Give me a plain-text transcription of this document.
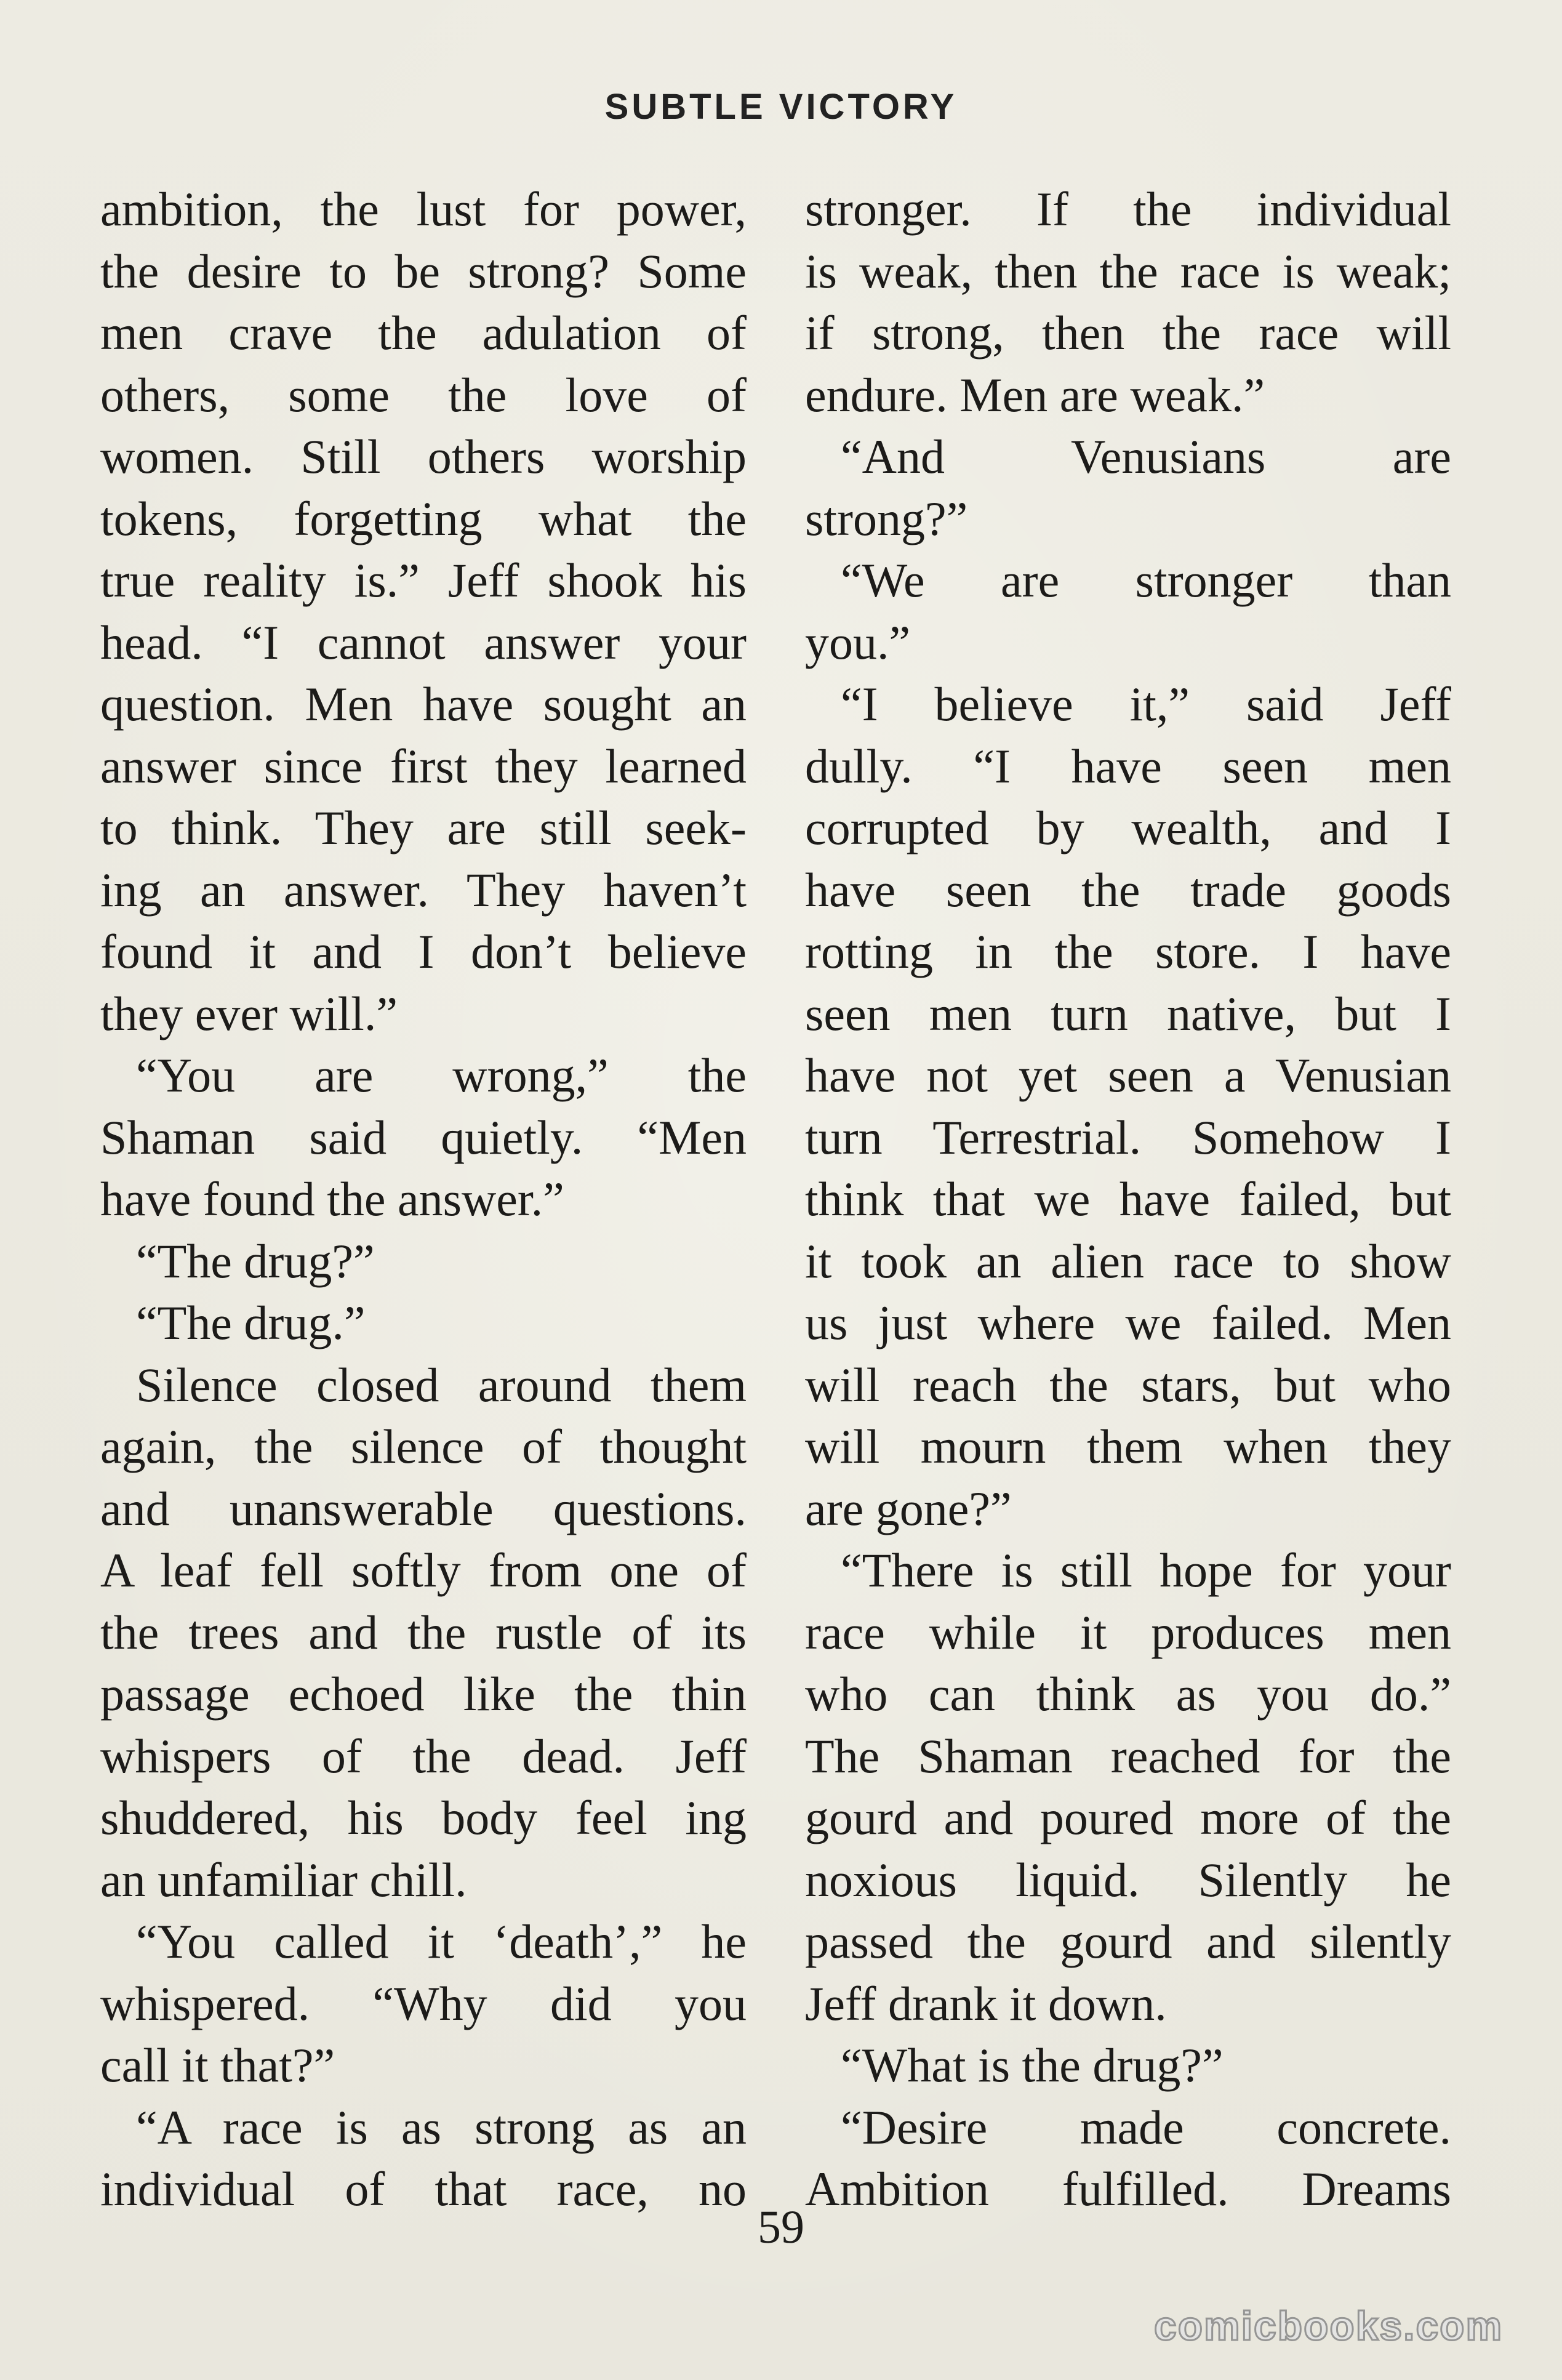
SUBTLE VICTORY
ambition, the lust for power,
the desire to be strong? Some
men crave the adulation of
others, some the love of
women. Still others worship
tokens, forgetting what the
true reality is.” Jeff shook his
head. “I cannot answer your
question. Men have sought an
answer since first they learned
to think. They are still seek-
ing an answer. They haven’t
found it and I don’t believe
they ever will.”
“You are wrong,” the
Shaman said quietly. “Men
have found the answer.”
“The drug?”
“The drug.”
Silence closed around them
again, the silence of thought
and unanswerable questions.
A leaf fell softly from one of
the trees and the rustle of its
passage echoed like the thin
whispers of the dead. Jeff
shuddered, his body feel ing
an unfamiliar chill.
“You called it ‘death’,” he
whispered. “Why did you
call it that?”
“A race is as strong as an
individual of that race, no
stronger. If the individual
is weak, then the race is weak;
if strong, then the race will
endure. Men are weak.”
“And Venusians are
strong?”
“We are stronger than
you.”
“I believe it,” said Jeff
dully. “I have seen men
corrupted by wealth, and I
have seen the trade goods
rotting in the store. I have
seen men turn native, but I
have not yet seen a Venusian
turn Terrestrial. Somehow I
think that we have failed, but
it took an alien race to show
us just where we failed. Men
will reach the stars, but who
will mourn them when they
are gone?”
“There is still hope for your
race while it produces men
who can think as you do.”
The Shaman reached for the
gourd and poured more of the
noxious liquid. Silently he
passed the gourd and silently
Jeff drank it down.
“What is the drug?”
“Desire made concrete.
Ambition fulfilled. Dreams
59
comicbooks.com
